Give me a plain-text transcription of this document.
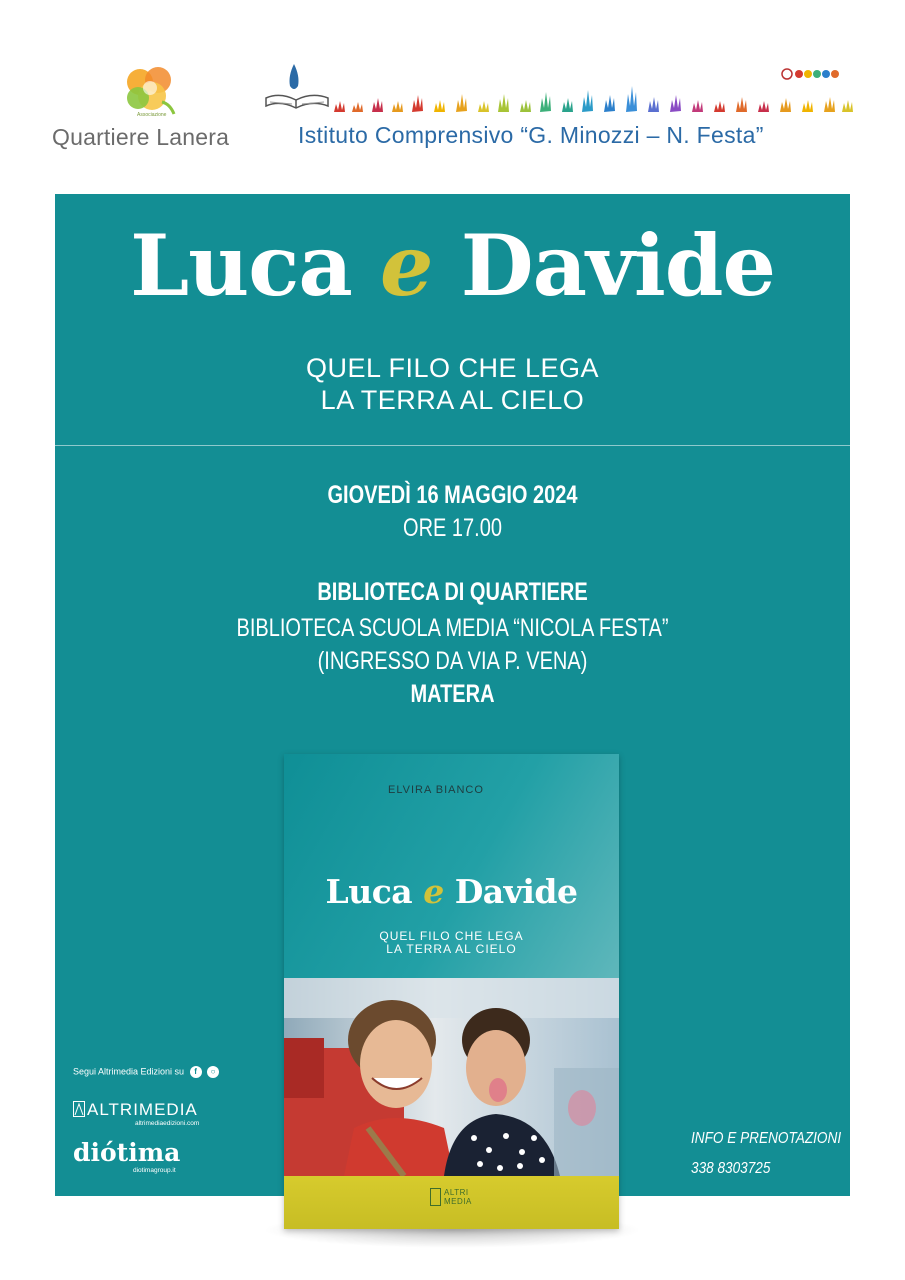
Associazione
Quartiere Lanera	Istituto Comprensivo “G. Minozzi – N. Festa”
Luca e Davide
QUEL FILO CHE LEGA
LA TERRA AL CIELO
GIOVEDÌ 16 MAGGIO 2024
ORE 17.00
BIBLIOTECA DI QUARTIERE
BIBLIOTECA SCUOLA MEDIA “NICOLA FESTA”
(INGRESSO DA VIA P. VENA)
MATERA
Segui Altrimedia Edizioni su f ○
ALTRIMEDIA
altrimediaedizioni.com
diótima
diotimagroup.it
INFO E PRENOTAZIONI
338 8303725
ELVIRA BIANCO
Luca e Davide
QUEL FILO CHE LEGA
LA TERRA AL CIELO
ALTRI
MEDIA
